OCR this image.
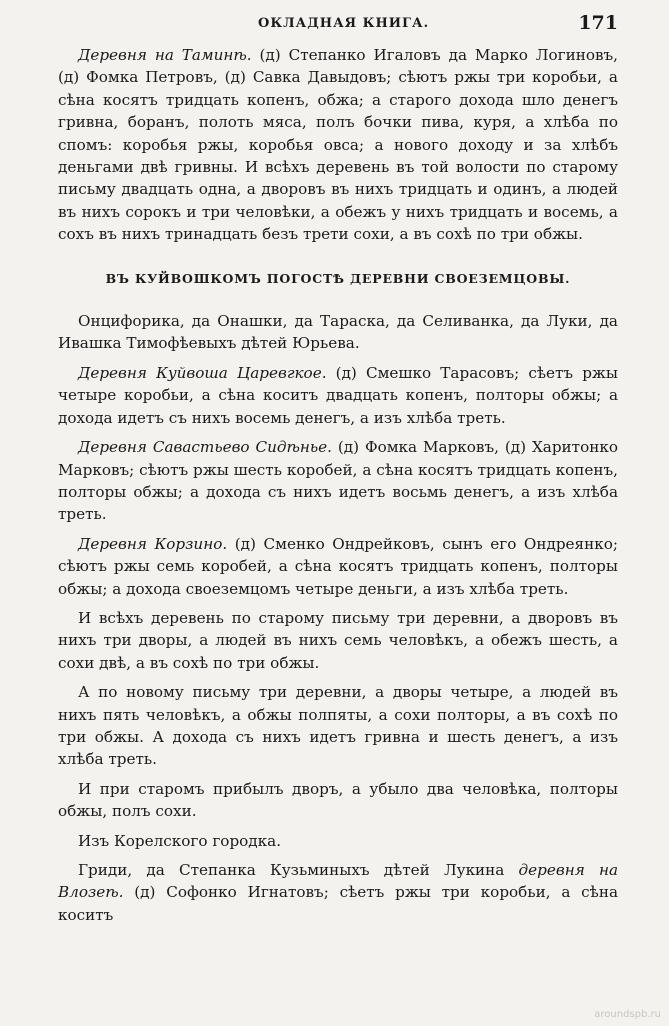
ОКЛАДНАЯ КНИГА.	171

Деревня на Таминѣ. (д) Степанко Игаловъ да Марко Логиновъ, (д) Фомка Петровъ, (д) Савка Давыдовъ; сѣютъ ржы три коробьи, а сѣна косятъ тридцать копенъ, обжа; а старого дохода шло денегъ гривна, боранъ, полоть мяса, полъ бочки пива, куря, а хлѣба по спомъ: коробья ржы, коробья овса; а нового доходу и за хлѣбъ деньгами двѣ гривны. И всѣхъ деревень въ той волости по старому письму двадцать одна, а дворовъ въ нихъ тридцать и одинъ, а людей въ нихъ сорокъ и три человѣки, а обежъ у нихъ тридцать и восемь, а сохъ въ нихъ тринадцать безъ трети сохи, а въ сохѣ по три обжы.

ВЪ КУЙВОШКОМЪ ПОГОСТѢ ДЕРЕВНИ СВОЕЗЕМЦОВЫ.

Онцифорика, да Онашки, да Тараска, да Селиванка, да Луки, да Ивашка Тимофѣевыхъ дѣтей Юрьева.

Деревня Куйвоша Царевгкое. (д) Смешко Тарасовъ; сѣетъ ржы четыре коробьи, а сѣна коситъ двадцать копенъ, полторы обжы; а дохода идетъ съ нихъ восемь денегъ, а изъ хлѣба треть.

Деревня Савастьево Сидѣнье. (д) Фомка Марковъ, (д) Харитонко Марковъ; сѣютъ ржы шесть коробей, а сѣна косятъ тридцать копенъ, полторы обжы; а дохода съ нихъ идетъ восьмь денегъ, а изъ хлѣба треть.

Деревня Корзино. (д) Сменко Ондрейковъ, сынъ его Ондреянко; сѣютъ ржы семь коробей, а сѣна косятъ тридцать копенъ, полторы обжы; а дохода своеземцомъ четыре деньги, а изъ хлѣба треть.

И всѣхъ деревень по старому письму три деревни, а дворовъ въ нихъ три дворы, а людей въ нихъ семь человѣкъ, а обежъ шесть, а сохи двѣ, а въ сохѣ по три обжы.

А по новому письму три деревни, а дворы четыре, а людей въ нихъ пять человѣкъ, а обжы полпяты, а сохи полторы, а въ сохѣ по три обжы. А дохода съ нихъ идетъ гривна и шесть денегъ, а изъ хлѣба треть.

И при старомъ прибылъ дворъ, а убыло два человѣка, полторы обжы, полъ сохи.

Изъ Корелского городка.

Гриди, да Степанка Кузьминыхъ дѣтей Лукина деревня на Влозеѣ. (д) Софонко Игнатовъ; сѣетъ ржы три коробьи, а сѣна коситъ

aroundspb.ru
